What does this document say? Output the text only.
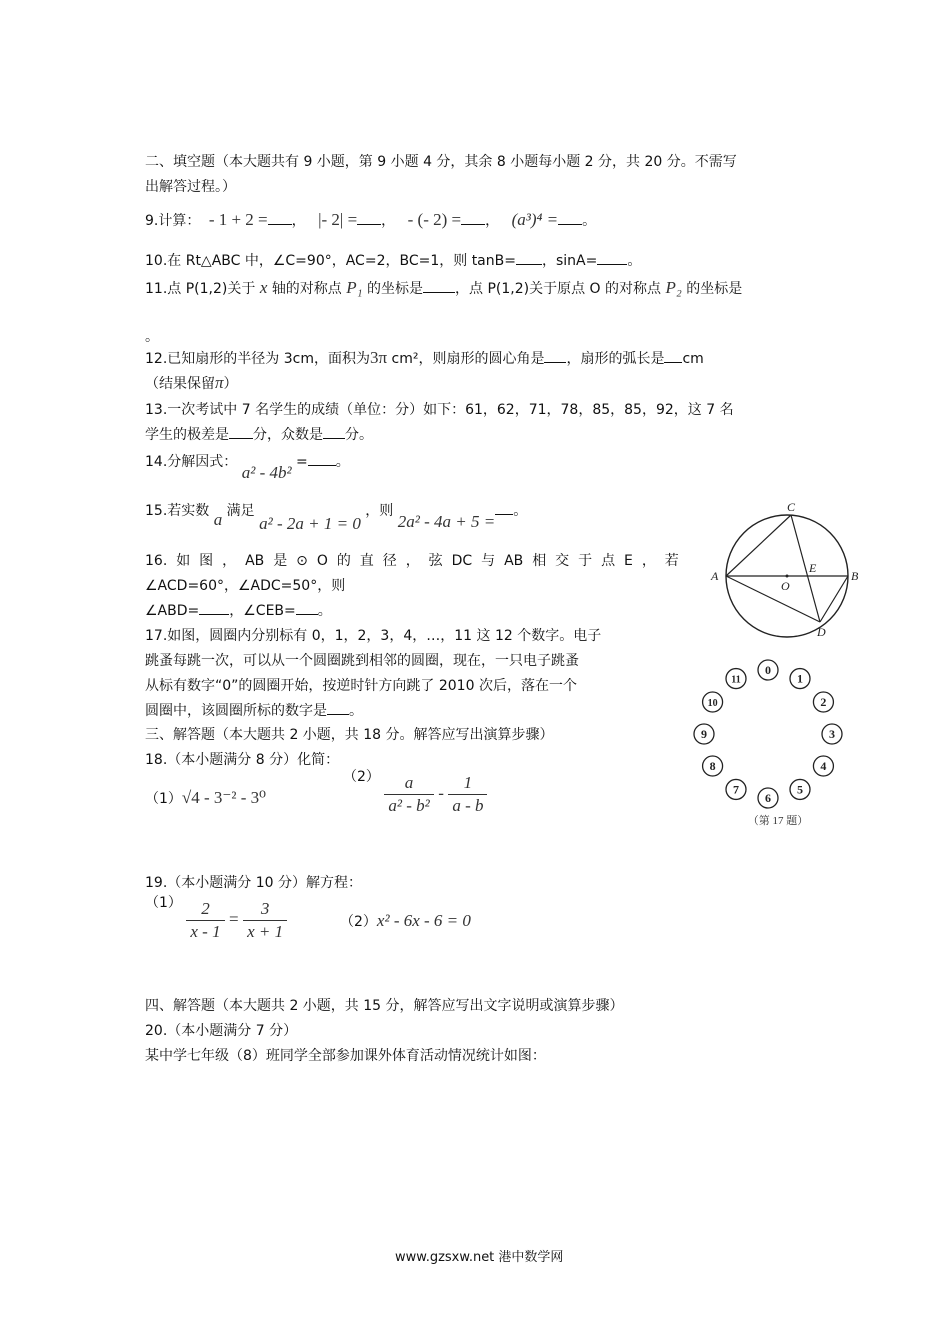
二、填空题（本大题共有 9 小题，第 9 小题 4 分，其余 8 小题每小题 2 分，共 20 分。不需写
出解答过程。）
9.计算： - 1 + 2 = ， |- 2| = ， - (- 2) = ， (a³)⁴ = 。
10.在 Rt△ABC 中，∠C=90°，AC=2，BC=1，则 tanB= ，sinA= 。
11.点 P(1,2)关于 x 轴的对称点 P₁ 的坐标是 ，点 P(1,2)关于原点 O 的对称点 P₂ 的坐标是
。
12.已知扇形的半径为 3cm，面积为3π cm²，则扇形的圆心角是 ，扇形的弧长是 cm
（结果保留π）
13.一次考试中 7 名学生的成绩（单位：分）如下：61，62，71，78，85，85，92，这 7 名
学生的极差是 分，众数是 分。
14.分解因式： a² - 4b² = 。
15.若实数 a 满足 a² - 2a + 1 = 0 ，则 2a² - 4a + 5 =。
16. 如 图 ， AB 是 ⊙ O 的 直 径 ， 弦 DC 与 AB 相 交 于 点 E ， 若
∠ACD=60°，∠ADC=50°，则
∠ABD= ，∠CEB= 。
17.如图，圆圈内分别标有 0，1，2，3，4，…，11 这 12 个数字。电子
跳蚤每跳一次，可以从一个圆圈跳到相邻的圆圈，现在，一只电子跳蚤
从标有数字“0”的圆圈开始，按逆时针方向跳了 2010 次后，落在一个
圆圈中，该圆圈所标的数字是 。
三、解答题（本大题共 2 小题，共 18 分。解答应写出演算步骤）
18.（本小题满分 8 分）化简：
（1）√4 - 3⁻² - 3⁰
$(2) \frac{a}{\text{a² - b²}} - \frac{1}{a - b}$
19.（本小题满分 10 分）解方程：
$(1) \frac{2}{x - 1} = \frac{3}{x + 1}$	（2）x² - 6x - 6 = 0
四、解答题（本大题共 2 小题，共 15 分，解答应写出文字说明或演算步骤）
20.（本小题满分 7 分）
某中学七年级（8）班同学全部参加课外体育活动情况统计如图：
C
A
O
E
B
D
（第 17 题）
0
1
2
3
4
5
6
7
8
9
10
11
www.gzsxw.net 港中数学网
